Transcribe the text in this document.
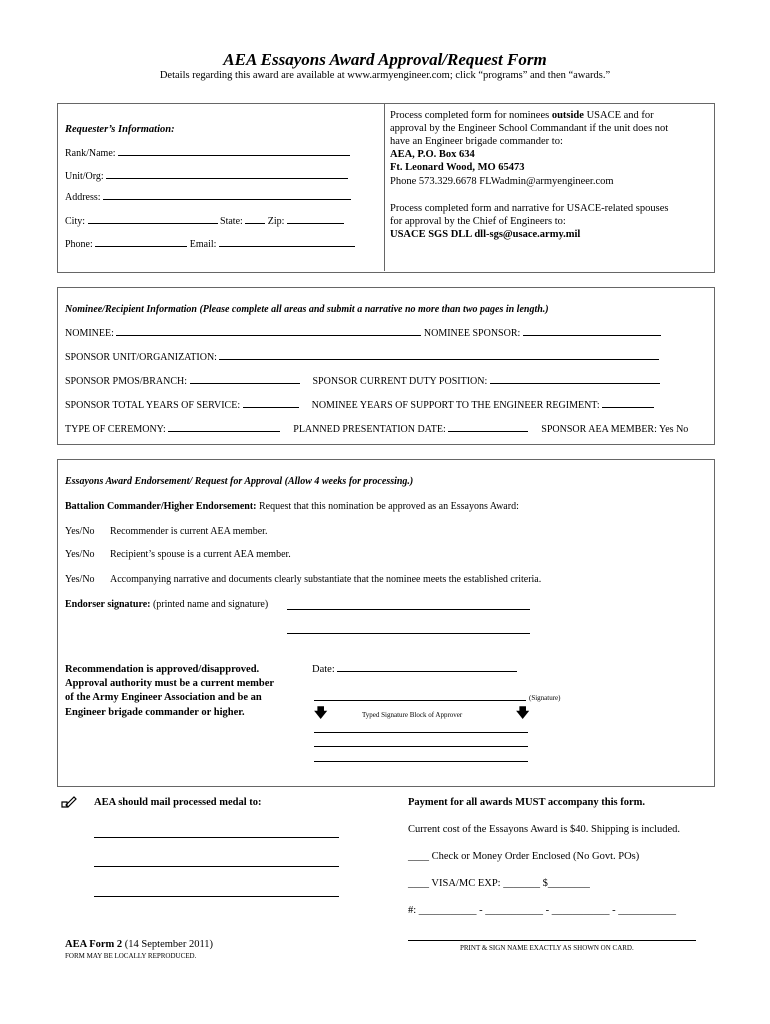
AEA Essayons Award Approval/Request Form
Details regarding this award are available at www.armyengineer.com; click “programs” and then “awards.”
Requester’s Information:
Rank/Name:
Unit/Org:
Address:
City:	State:	Zip:
Phone:	Email:
Process completed form for nominees outside USACE and for
approval by the Engineer School Commandant if the unit does not
have an Engineer brigade commander to:
AEA, P.O. Box 634
Ft. Leonard Wood, MO 65473
Phone 573.329.6678 FLWadmin@armyengineer.com
Process completed form and narrative for USACE-related spouses
for approval by the Chief of Engineers to:
USACE SGS DLL dll-sgs@usace.army.mil
Nominee/Recipient Information (Please complete all areas and submit a narrative no more than two pages in length.)
NOMINEE:	NOMINEE SPONSOR:
SPONSOR UNIT/ORGANIZATION:
SPONSOR PMOS/BRANCH:	SPONSOR CURRENT DUTY POSITION:
SPONSOR TOTAL YEARS OF SERVICE:	NOMINEE YEARS OF SUPPORT TO THE ENGINEER REGIMENT:
TYPE OF CEREMONY:	PLANNED PRESENTATION DATE:	SPONSOR AEA MEMBER: Yes No
Essayons Award Endorsement/ Request for Approval (Allow 4 weeks for processing.)
Battalion Commander/Higher Endorsement: Request that this nomination be approved as an Essayons Award:
Yes/No Recommender is current AEA member.
Yes/No Recipient’s spouse is a current AEA member.
Yes/No Accompanying narrative and documents clearly substantiate that the nominee meets the established criteria.
Endorser signature: (printed name and signature)
Recommendation is approved/disapproved.
Approval authority must be a current member
of the Army Engineer Association and be an
Engineer brigade commander or higher.
Date:
(Signature)
🡇	🡇
Typed Signature Block of Approver
AEA should mail processed medal to:	Payment for all awards MUST accompany this form.
Current cost of the Essayons Award is $40. Shipping is included.
____ Check or Money Order Enclosed (No Govt. POs)
____ VISA/MC EXP: _______ $________
#: ___________ - ___________ - ___________ - ___________
PRINT & SIGN NAME EXACTLY AS SHOWN ON CARD.
AEA Form 2 (14 September 2011)
FORM MAY BE LOCALLY REPRODUCED.
